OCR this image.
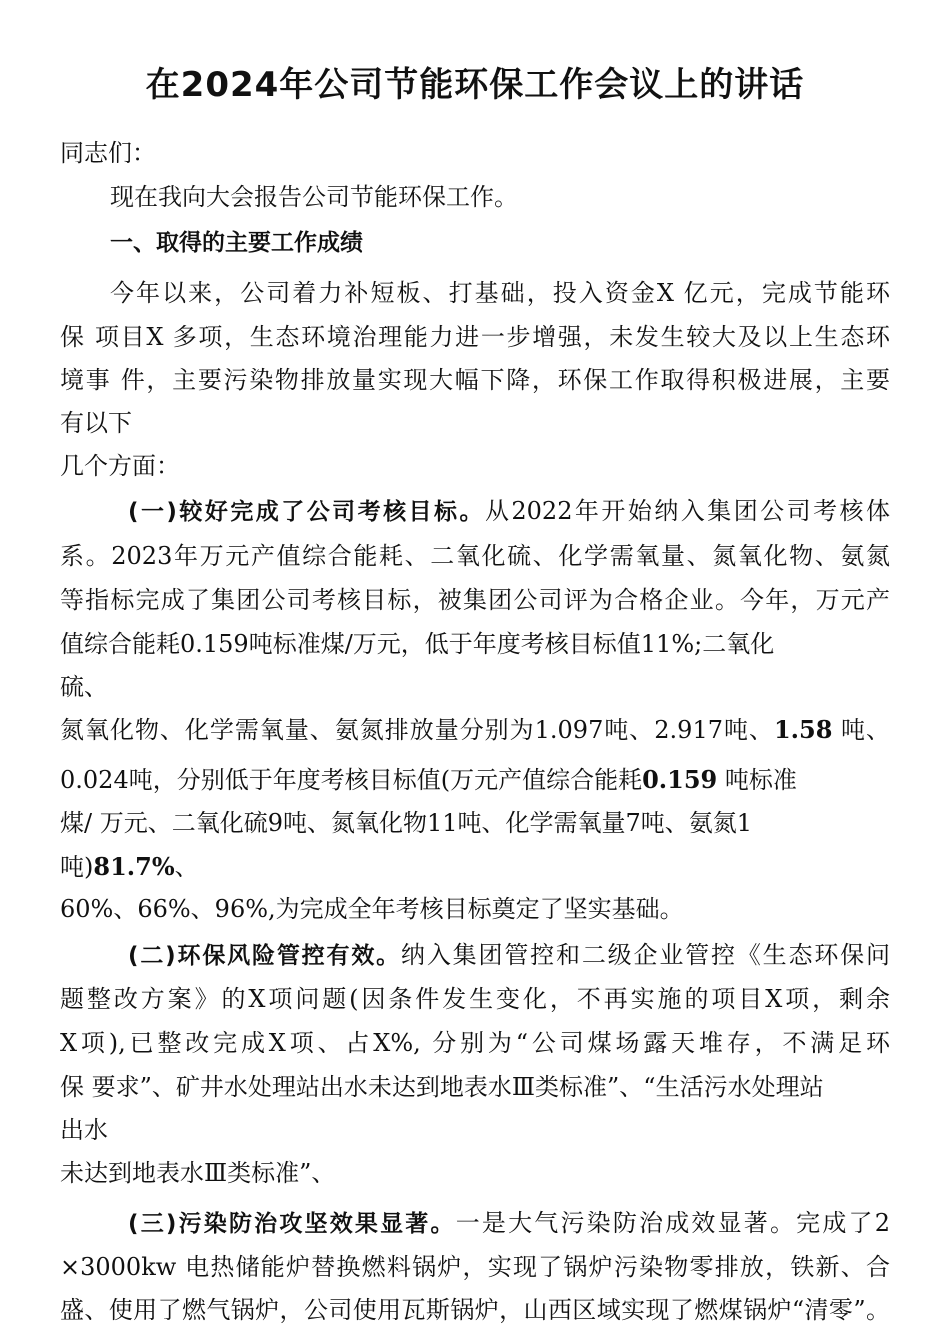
在2024年公司节能环保工作会议上的讲话

同志们：

现在我向大会报告公司节能环保工作。

一、取得的主要工作成绩

今年以来，公司着力补短板、打基础，投入资金X 亿元，完成节能环

保 项目X 多项，生态环境治理能力进一步增强，未发生较大及以上生态环

境事 件，主要污染物排放量实现大幅下降，环保工作取得积极进展，主要

有以下

几个方面：

(一)较好完成了公司考核目标。从2022年开始纳入集团公司考核体

系。2023年万元产值综合能耗、二氧化硫、化学需氧量、氮氧化物、氨氮

等指标完成了集团公司考核目标，被集团公司评为合格企业。今年，万元产

值综合能耗0.159吨标准煤/万元，低于年度考核目标值11%;二氧化

硫、

氮氧化物、化学需氧量、氨氮排放量分别为1.097吨、2.917吨、1.58 吨、

0.024吨，分别低于年度考核目标值(万元产值综合能耗0.159 吨标准

煤/ 万元、二氧化硫9吨、氮氧化物11吨、化学需氧量7吨、氨氮1

吨)81.7%、

60%、66%、96%,为完成全年考核目标奠定了坚实基础。

(二)环保风险管控有效。纳入集团管控和二级企业管控《生态环保问

题整改方案》的X项问题(因条件发生变化，不再实施的项目X项，剩余

X项),已整改完成X项、占X%, 分别为“公司煤场露天堆存，不满足环

保 要求”、矿井水处理站出水未达到地表水Ⅲ类标准”、“生活污水处理站

出水

未达到地表水Ⅲ类标准”、

(三)污染防治攻坚效果显著。一是大气污染防治成效显著。完成了2

×3000kw 电热储能炉替换燃料锅炉，实现了锅炉污染物零排放，铁新、合

盛、使用了燃气锅炉，公司使用瓦斯锅炉，山西区域实现了燃煤锅炉“清零”。
